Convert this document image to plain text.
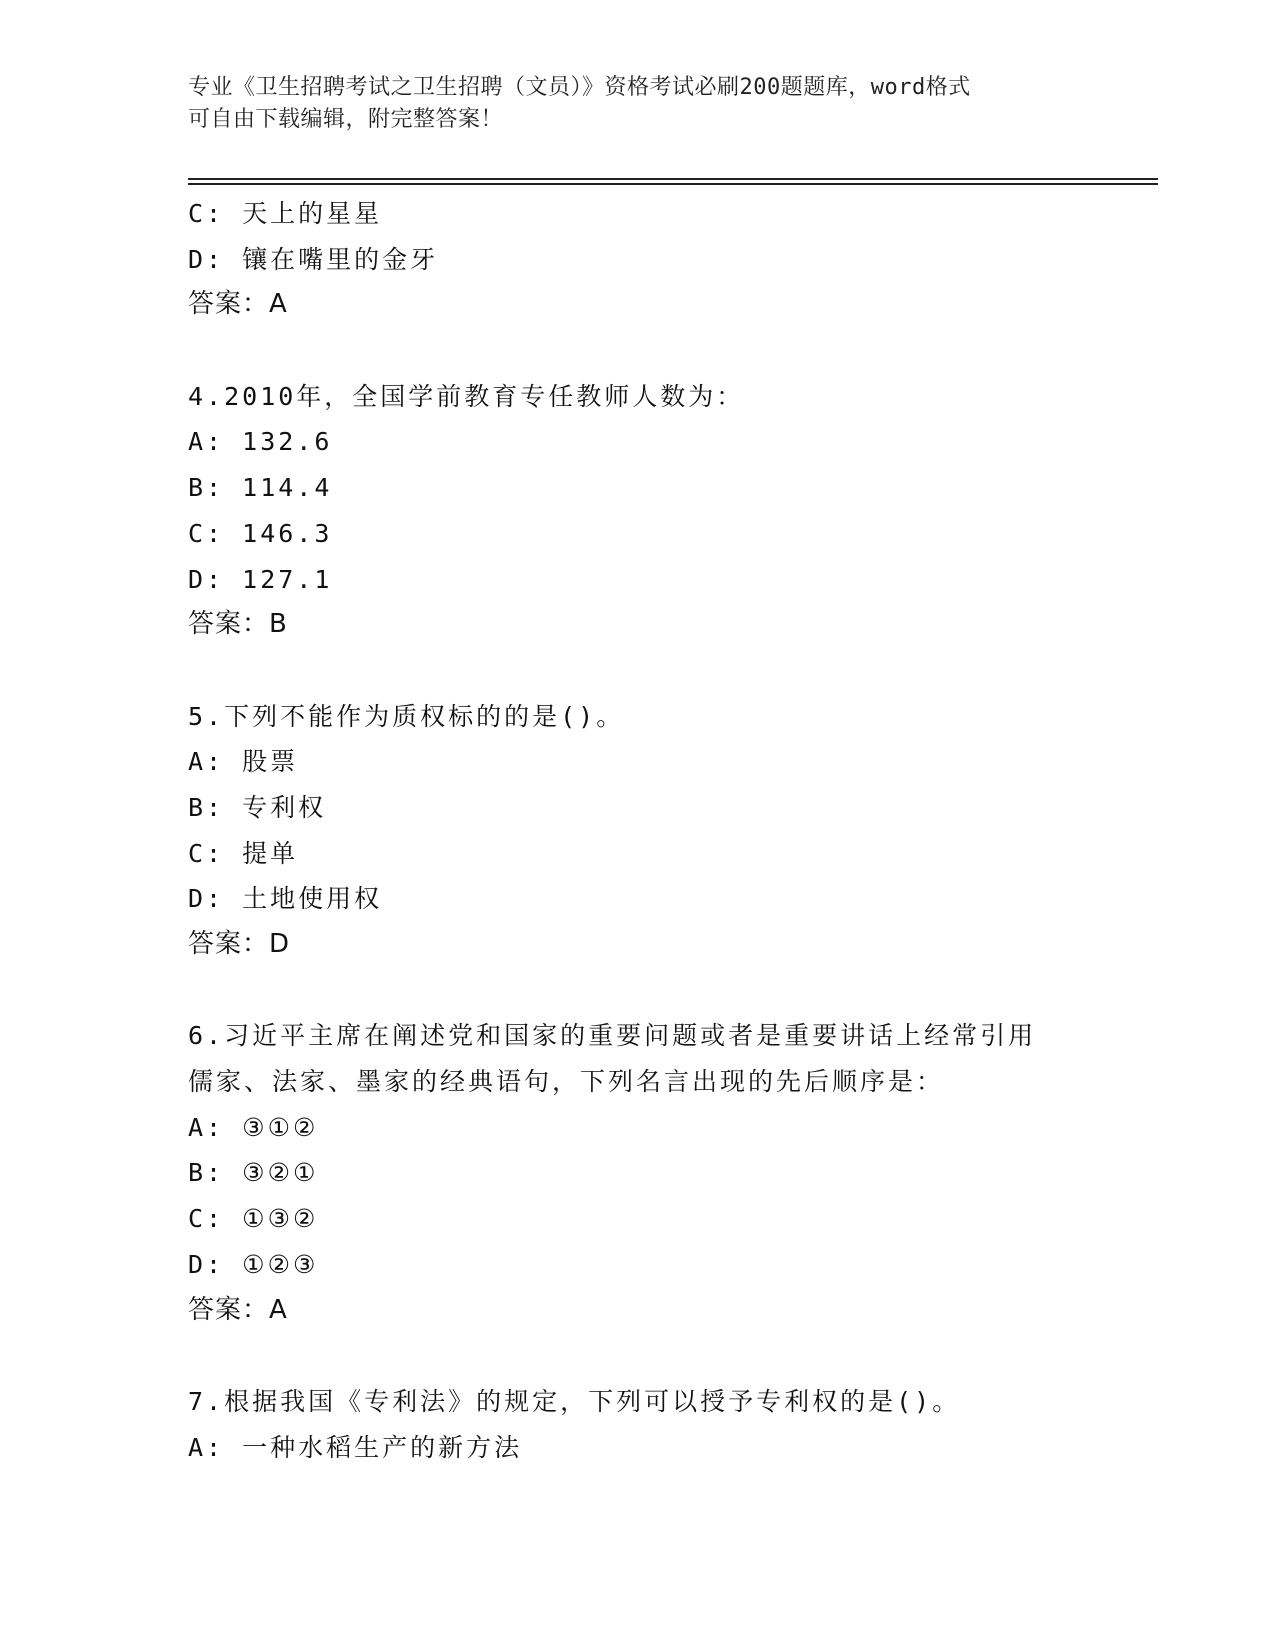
专业《卫生招聘考试之卫生招聘（文员）》资格考试必刷200题题库，word格式
可自由下载编辑，附完整答案！
C: 天上的星星
D: 镶在嘴里的金牙
答案：A
4.2010年，全国学前教育专任教师人数为：
A: 132.6
B: 114.4
C: 146.3
D: 127.1
答案：B
5.下列不能作为质权标的的是()。
A: 股票
B: 专利权
C: 提单
D: 土地使用权
答案：D
6.习近平主席在阐述党和国家的重要问题或者是重要讲话上经常引用
儒家、法家、墨家的经典语句，下列名言出现的先后顺序是：
A: ③①②
B: ③②①
C: ①③②
D: ①②③
答案：A
7.根据我国《专利法》的规定，下列可以授予专利权的是()。
A: 一种水稻生产的新方法
